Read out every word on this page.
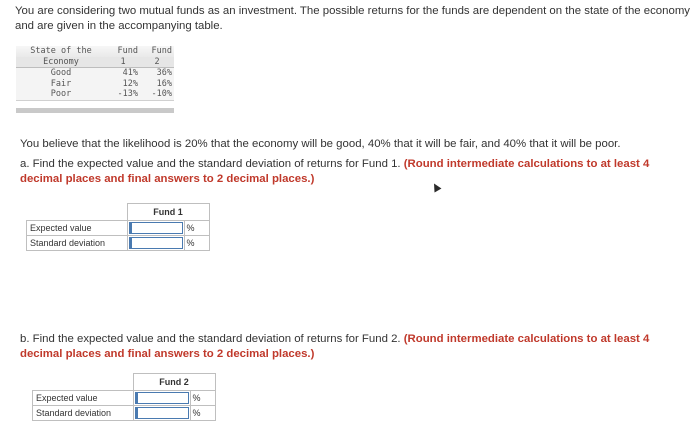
You are considering two mutual funds as an investment. The possible returns for the funds are dependent on the state of the economy and are given in the accompanying table.
State of the	Fund	Fund
Economy	1	2
Good	41%	36%
Fair	12%	16%
Poor	-13%	-10%
You believe that the likelihood is 20% that the economy will be good, 40% that it will be fair, and 40% that it will be poor.
a. Find the expected value and the standard deviation of returns for Fund 1. (Round intermediate calculations to at least 4 decimal places and final answers to 2 decimal places.)
	Fund 1	
Expected value		%
Standard deviation		%
b. Find the expected value and the standard deviation of returns for Fund 2. (Round intermediate calculations to at least 4 decimal places and final answers to 2 decimal places.)
	Fund 2	
Expected value		%
Standard deviation		%
